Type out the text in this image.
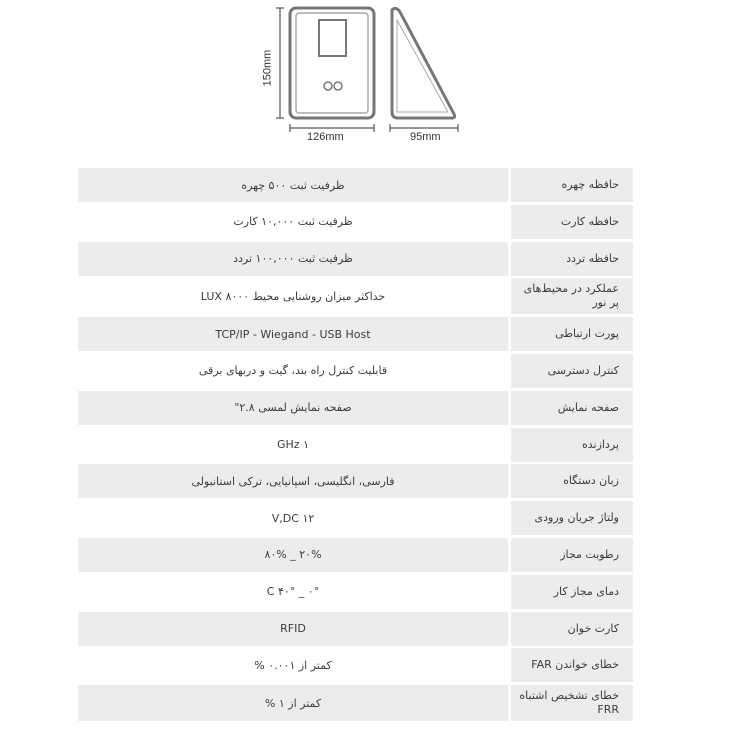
126mm	95mm
150mm
حافظه چهره
ظرفیت ثبت ۵۰۰ چهره
حافظه کارت
ظرفیت ثبت ۱۰,۰۰۰ کارت
حافظه تردد
ظرفیت ثبت ۱۰۰,۰۰۰ تردد
عملکرد در محیط‌های پر نور
حداکثر میزان روشنایی محیط LUX ۸۰۰۰
پورت ارتباطی
TCP/IP - Wiegand - USB Host
کنترل دسترسی
قابلیت کنترل راه بند، گیت و دربهای برقی
صفحه نمایش
صفحه نمایش لمسی ۲.۸"
پردازنده
۱ GHz
زبان دستگاه
فارسی، انگلیسی، اسپانیایی، ترکی استانبولی
ولتاژ جریان ورودی
۱۲ V,DC
رطوبت مجاز
۲۰% _ ۸۰%
دمای مجاز کار
۰° _ ۴۰° C
کارت خوان
RFID
خطای خواندن FAR
کمتر از ۰.۰۰۱ %
خطای تشخیص اشتباه FRR
کمتر از ۱ %
